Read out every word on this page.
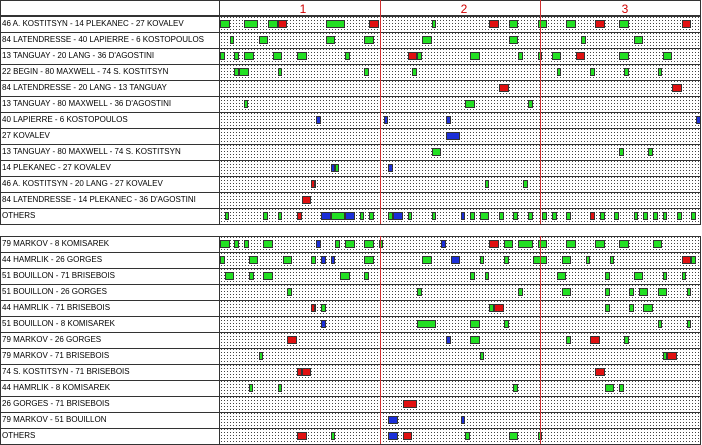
1	2	3
46 A. KOSTITSYN - 14 PLEKANEC - 27 KOVALEV
84 LATENDRESSE - 40 LAPIERRE - 6 KOSTOPOULOS
13 TANGUAY - 20 LANG - 36 D'AGOSTINI
22 BEGIN - 80 MAXWELL - 74 S. KOSTITSYN
84 LATENDRESSE - 20 LANG - 13 TANGUAY
13 TANGUAY - 80 MAXWELL - 36 D'AGOSTINI
40 LAPIERRE - 6 KOSTOPOULOS
27 KOVALEV
13 TANGUAY - 80 MAXWELL - 74 S. KOSTITSYN
14 PLEKANEC - 27 KOVALEV
46 A. KOSTITSYN - 20 LANG - 27 KOVALEV
84 LATENDRESSE - 14 PLEKANEC - 36 D'AGOSTINI
OTHERS
79 MARKOV - 8 KOMISAREK
44 HAMRLIK - 26 GORGES
51 BOUILLON - 71 BRISEBOIS
51 BOUILLON - 26 GORGES
44 HAMRLIK - 71 BRISEBOIS
51 BOUILLON - 8 KOMISAREK
79 MARKOV - 26 GORGES
79 MARKOV - 71 BRISEBOIS
74 S. KOSTITSYN - 71 BRISEBOIS
44 HAMRLIK - 8 KOMISAREK
26 GORGES - 71 BRISEBOIS
79 MARKOV - 51 BOUILLON
OTHERS
